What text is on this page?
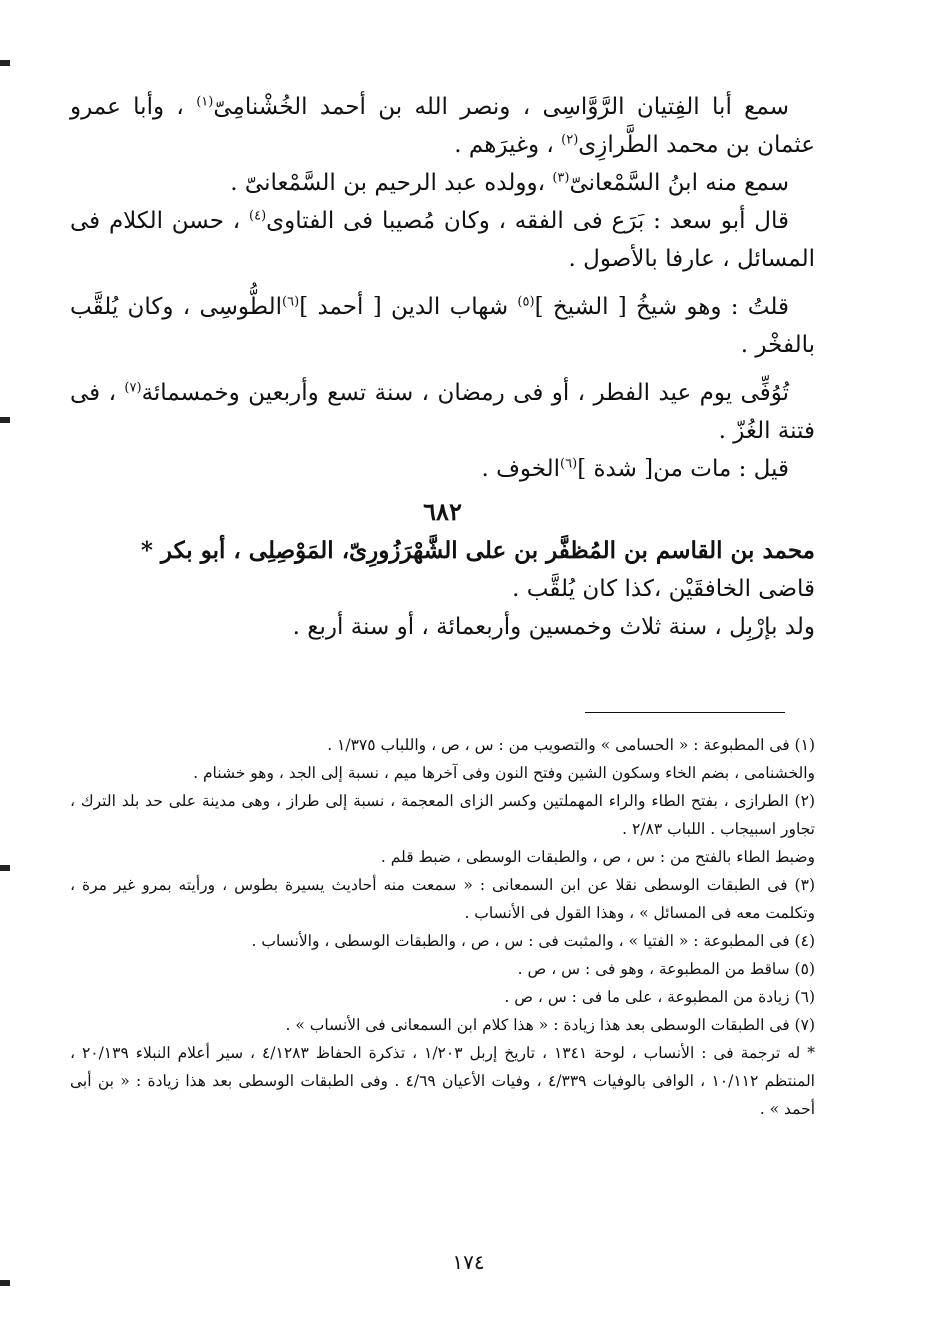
سمع أبا الفِتيان الرَّوَّاسِى ، ونصر الله بن أحمد الخُشْنامِىّ$^{(١)}$ ، وأبا عمرو عثمان بن محمد الطَّرازِى$^{(٢)}$ ، وغيرَهم .

سمع منه ابنُ السَّمْعانىّ$^{(٣)}$ ،وولده عبد الرحيم بن السَّمْعانىّ .

قال أبو سعد : بَرَع فى الفقه ، وكان مُصيبا فى الفتاوى$^{(٤)}$ ، حسن الكلام فى المسائل ، عارفا بالأصول .

قلتُ : وهو شيخُ [ الشيخ ]$^{(٥)}$ شهاب الدين [ أحمد ]$^{(٦)}$الطُّوسِى ، وكان يُلقَّب بالفخْر .

تُوُفِّى يوم عيد الفطر ، أو فى رمضان ، سنة تسع وأربعين وخمسمائة$^{(٧)}$ ، فى فتنة الغُزّ .

قيل : مات من[ شدة ]$^{(٦)}$الخوف .

٦٨٢

محمد بن القاسم بن المُظفَّر بن على الشَّهْرَزُورِىّ، المَوْصِلِى ، أبو بكر *

قاضى الخافقَيْن ،كذا كان يُلقَّب .

ولد بإرْبِل ، سنة ثلاث وخمسين وأربعمائة ، أو سنة أربع .

(١) فى المطبوعة : « الحسامى » والتصويب من : س ، ص ، واللباب ١/٣٧٥ .

والخشنامى ، بضم الخاء وسكون الشين وفتح النون وفى آخرها ميم ، نسبة إلى الجد ، وهو خشنام .

(٢) الطرازى ، بفتح الطاء والراء المهملتين وكسر الزاى المعجمة ، نسبة إلى طراز ، وهى مدينة على حد بلد الترك ، تجاور اسبيجاب . اللباب ٢/٨٣ .

وضبط الطاء بالفتح من : س ، ص ، والطبقات الوسطى ، ضبط قلم .

(٣) فى الطبقات الوسطى نقلا عن ابن السمعانى : « سمعت منه أحاديث يسيرة بطوس ، ورأيته بمرو غير مرة ، وتكلمت معه فى المسائل » ، وهذا القول فى الأنساب .

(٤) فى المطبوعة : « الفتيا » ، والمثبت فى : س ، ص ، والطبقات الوسطى ، والأنساب .

(٥) ساقط من المطبوعة ، وهو فى : س ، ص .

(٦) زيادة من المطبوعة ، على ما فى : س ، ص .

(٧) فى الطبقات الوسطى بعد هذا زيادة : « هذا كلام ابن السمعانى فى الأنساب » .

* له ترجمة فى : الأنساب ، لوحة ١٣٤١ ، تاريخ إربل ١/٢٠٣ ، تذكرة الحفاظ ٤/١٢٨٣ ، سير أعلام النبلاء ٢٠/١٣٩ ، المنتظم ١٠/١١٢ ، الوافى بالوفيات ٤/٣٣٩ ، وفيات الأعيان ٤/٦٩ . وفى الطبقات الوسطى بعد هذا زيادة : « بن أبى أحمد » .

١٧٤
